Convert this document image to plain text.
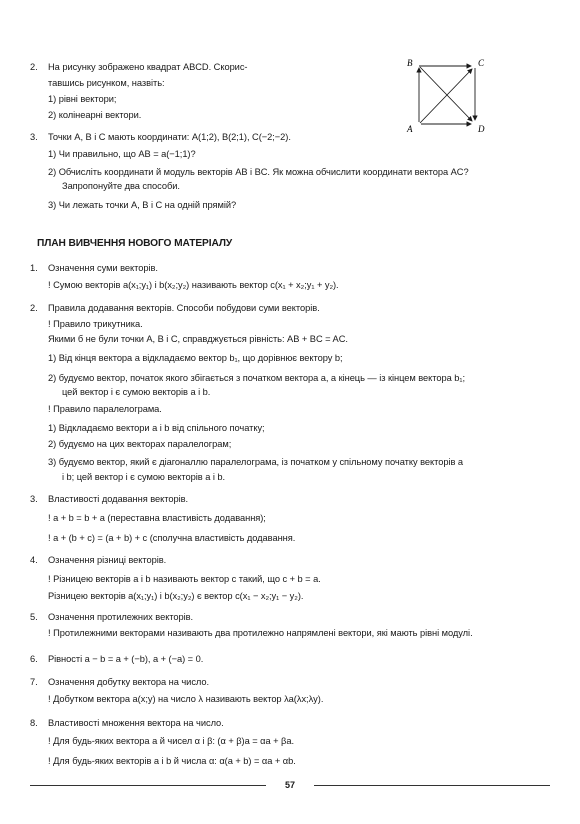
2. На рисунку зображено квадрат ABCD. Скорис-
тавшись рисунком, назвіть:
1) рівні вектори;
2) колінеарні вектори.
B	C
A	D
3. Точки A, B і C мають координати: A(1;2), B(2;1), C(−2;−2).
1) Чи правильно, що AB = a(−1;1)?
2) Обчисліть координати й модуль векторів AB і BC. Як можна обчислити координати вектора AC?
Запропонуйте два способи.
3) Чи лежать точки A, B і C на одній прямій?
ПЛАН ВИВЧЕННЯ НОВОГО МАТЕРІАЛУ
1. Означення суми векторів.
! Сумою векторів a(x₁;y₁) і b(x₂;y₂) називають вектор c(x₁ + x₂;y₁ + y₂).
2. Правила додавання векторів. Способи побудови суми векторів.
! Правило трикутника.
Якими б не були точки A, B і C, справджується рівність: AB + BC = AC.
1) Від кінця вектора a відкладаємо вектор b₁, що дорівнює вектору b;
2) будуємо вектор, початок якого збігається з початком вектора a, а кінець — із кінцем вектора b₁;
цей вектор і є сумою векторів a і b.
! Правило паралелограма.
1) Відкладаємо вектори a і b від спільного початку;
2) будуємо на цих векторах паралелограм;
3) будуємо вектор, який є діагоналлю паралелограма, із початком у спільному початку векторів a
і b; цей вектор і є сумою векторів a і b.
3. Властивості додавання векторів.
! a + b = b + a (переставна властивість додавання);
! a + (b + c) = (a + b) + c (сполучна властивість додавання.
4. Означення різниці векторів.
! Різницею векторів a і b називають вектор c такий, що c + b = a.
Різницею векторів a(x₁;y₁) і b(x₂;y₂) є вектор c(x₁ − x₂;y₁ − y₂).
5. Означення протилежних векторів.
! Протилежними векторами називають два протилежно напрямлені вектори, які мають рівні модулі.
6. Рівності a − b = a + (−b), a + (−a) = 0.
7. Означення добутку вектора на число.
! Добутком вектора a(x;y) на число λ називають вектор λa(λx;λy).
8. Властивості множення вектора на число.
! Для будь-яких вектора a й чисел α і β: (α + β)a = αa + βa.
! Для будь-яких векторів a і b й числа α: α(a + b) = αa + αb.
57
